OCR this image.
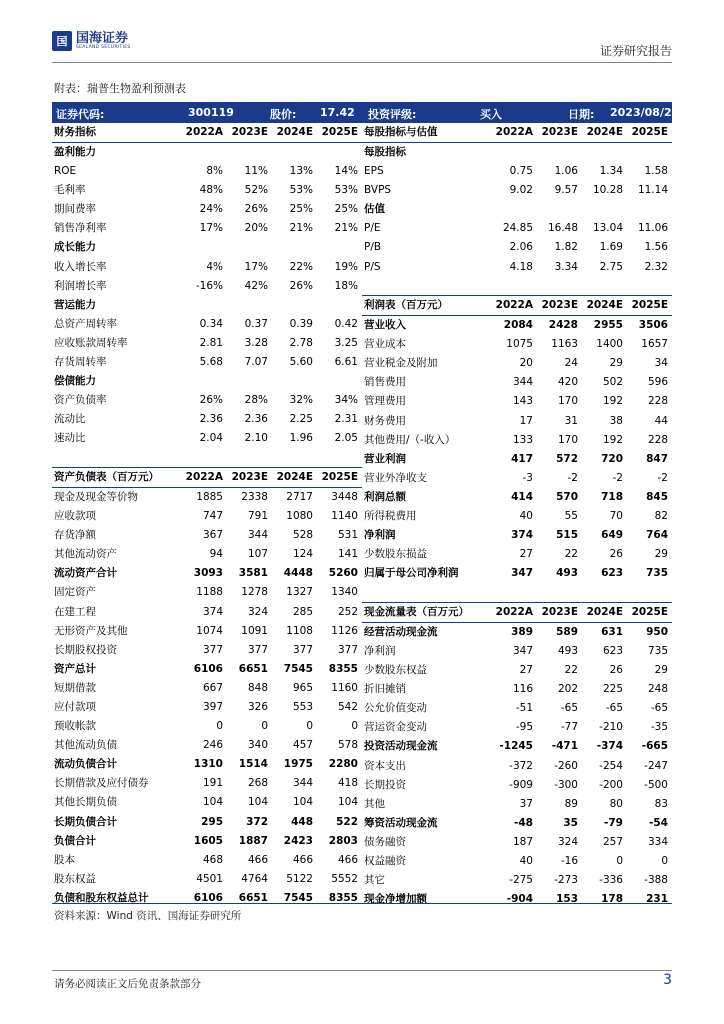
国 国海证券
SEALAND SECURITIES	证券研究报告
附表：瑞普生物盈利预测表
证券代码:	300119	股价: 17.42 投资评级:	买入	日期: 2023/08/25
财务指标	2022A	2023E	2024E	2025E
盈利能力				
ROE	8%	11%	13%	14%
毛利率	48%	52%	53%	53%
期间费率	24%	26%	25%	25%
销售净利率	17%	20%	21%	21%
成长能力				
收入增长率	4%	17%	22%	19%
利润增长率	-16%	42%	26%	18%
营运能力				
总资产周转率	0.34	0.37	0.39	0.42
应收账款周转率	2.81	3.28	2.78	3.25
存货周转率	5.68	7.07	5.60	6.61
偿债能力				
资产负债率	26%	28%	32%	34%
流动比	2.36	2.36	2.25	2.31
速动比	2.04	2.10	1.96	2.05

资产负债表（百万元）	2022A	2023E	2024E	2025E
现金及现金等价物	1885	2338	2717	3448
应收款项	747	791	1080	1140
存货净额	367	344	528	531
其他流动资产	94	107	124	141
流动资产合计	3093	3581	4448	5260
固定资产	1188	1278	1327	1340
在建工程	374	324	285	252
无形资产及其他	1074	1091	1108	1126
长期股权投资	377	377	377	377
资产总计	6106	6651	7545	8355
短期借款	667	848	965	1160
应付款项	397	326	553	542
预收帐款	0	0	0	0
其他流动负债	246	340	457	578
流动负债合计	1310	1514	1975	2280
长期借款及应付债券	191	268	344	418
其他长期负债	104	104	104	104
长期负债合计	295	372	448	522
负债合计	1605	1887	2423	2803
股本	468	466	466	466
股东权益	4501	4764	5122	5552
负债和股东权益总计	6106	6651	7545	8355
每股指标与估值	2022A	2023E	2024E	2025E
每股指标				
EPS	0.75	1.06	1.34	1.58
BVPS	9.02	9.57	10.28	11.14
估值				
P/E	24.85	16.48	13.04	11.06
P/B	2.06	1.82	1.69	1.56
P/S	4.18	3.34	2.75	2.32

利润表（百万元）	2022A	2023E	2024E	2025E
营业收入	2084	2428	2955	3506
营业成本	1075	1163	1400	1657
营业税金及附加	20	24	29	34
销售费用	344	420	502	596
管理费用	143	170	192	228
财务费用	17	31	38	44
其他费用/（-收入）	133	170	192	228
营业利润	417	572	720	847
营业外净收支	-3	-2	-2	-2
利润总额	414	570	718	845
所得税费用	40	55	70	82
净利润	374	515	649	764
少数股东损益	27	22	26	29
归属于母公司净利润	347	493	623	735

现金流量表（百万元）	2022A	2023E	2024E	2025E
经营活动现金流	389	589	631	950
净利润	347	493	623	735
少数股东权益	27	22	26	29
折旧摊销	116	202	225	248
公允价值变动	-51	-65	-65	-65
营运资金变动	-95	-77	-210	-35
投资活动现金流	-1245	-471	-374	-665
资本支出	-372	-260	-254	-247
长期投资	-909	-300	-200	-500
其他	37	89	80	83
筹资活动现金流	-48	35	-79	-54
债务融资	187	324	257	334
权益融资	40	-16	0	0
其它	-275	-273	-336	-388
现金净增加额	-904	153	178	231
资料来源：Wind 资讯、国海证券研究所
请务必阅读正文后免责条款部分	3
